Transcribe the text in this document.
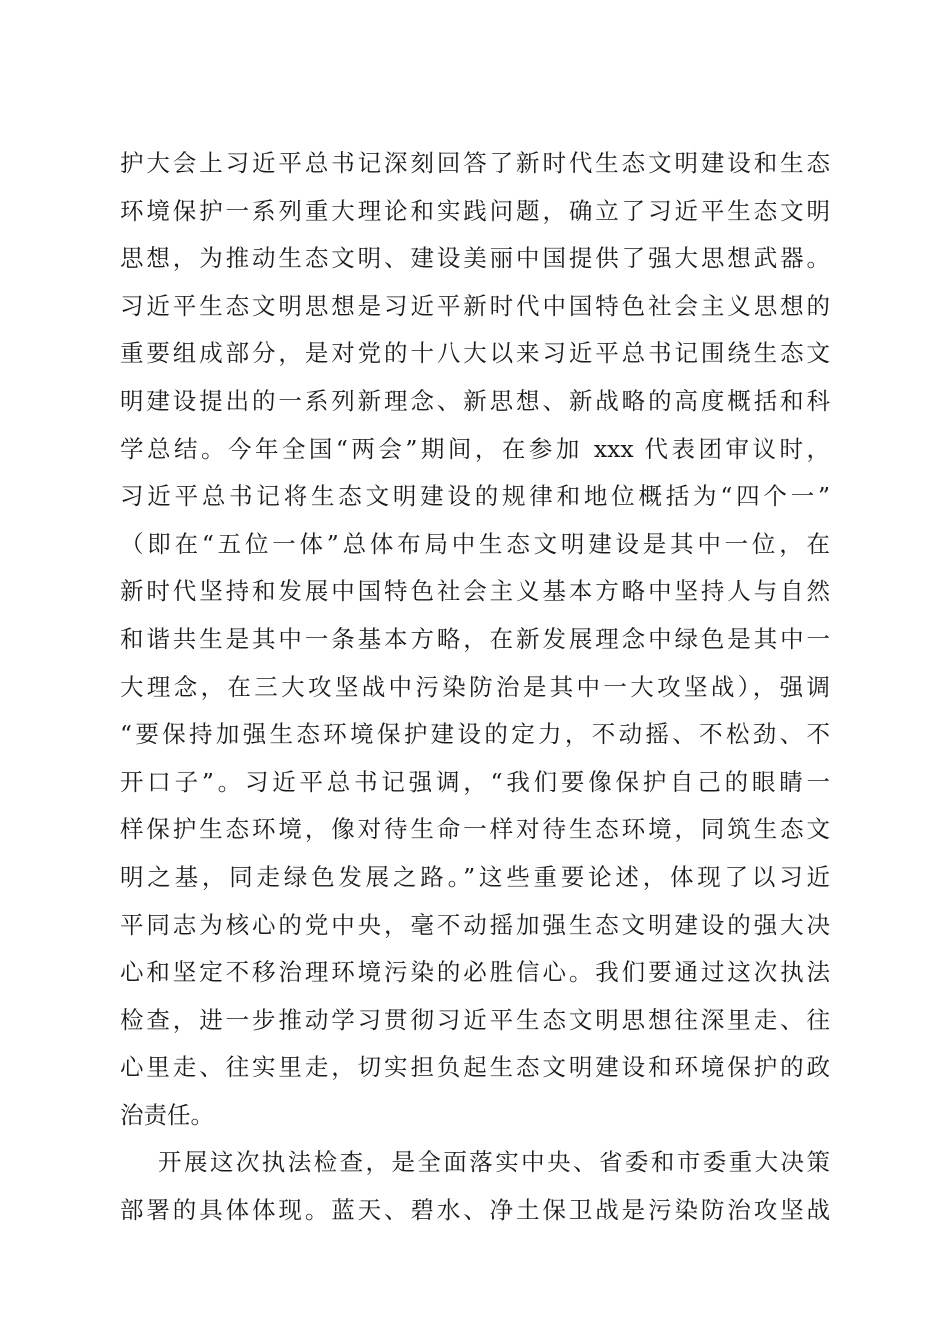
护大会上习近平总书记深刻回答了新时代生态文明建设和生态
环境保护一系列重大理论和实践问题，确立了习近平生态文明
思想，为推动生态文明、建设美丽中国提供了强大思想武器。
习近平生态文明思想是习近平新时代中国特色社会主义思想的
重要组成部分，是对党的十八大以来习近平总书记围绕生态文
明建设提出的一系列新理念、新思想、新战略的高度概括和科
学总结。今年全国“两会”期间，在参加 xxx 代表团审议时，
习近平总书记将生态文明建设的规律和地位概括为“四个一”
（即在“五位一体”总体布局中生态文明建设是其中一位，在
新时代坚持和发展中国特色社会主义基本方略中坚持人与自然
和谐共生是其中一条基本方略，在新发展理念中绿色是其中一
大理念，在三大攻坚战中污染防治是其中一大攻坚战），强调
“要保持加强生态环境保护建设的定力，不动摇、不松劲、不
开口子”。习近平总书记强调，“我们要像保护自己的眼睛一
样保护生态环境，像对待生命一样对待生态环境，同筑生态文
明之基，同走绿色发展之路。”这些重要论述，体现了以习近
平同志为核心的党中央，毫不动摇加强生态文明建设的强大决
心和坚定不移治理环境污染的必胜信心。我们要通过这次执法
检查，进一步推动学习贯彻习近平生态文明思想往深里走、往
心里走、往实里走，切实担负起生态文明建设和环境保护的政
治责任。
开展这次执法检查，是全面落实中央、省委和市委重大决策
部署的具体体现。蓝天、碧水、净土保卫战是污染防治攻坚战
